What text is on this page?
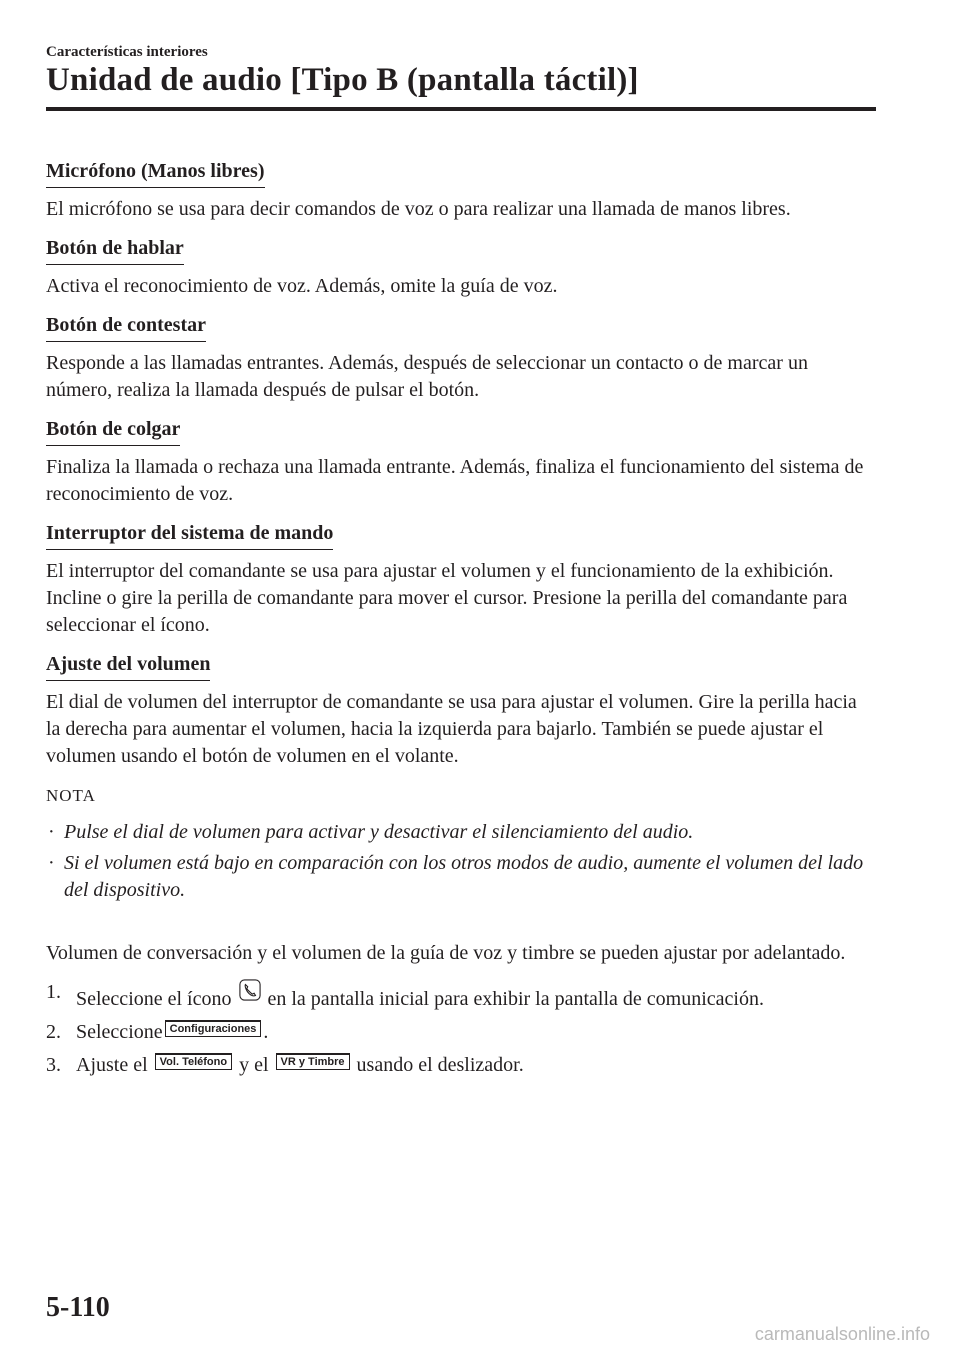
Características interiores
Unidad de audio [Tipo B (pantalla táctil)]
Micrófono (Manos libres)

El micrófono se usa para decir comandos de voz o para realizar una llamada de manos libres.

Botón de hablar

Activa el reconocimiento de voz. Además, omite la guía de voz.

Botón de contestar

Responde a las llamadas entrantes. Además, después de seleccionar un contacto o de marcar un número, realiza la llamada después de pulsar el botón.

Botón de colgar

Finaliza la llamada o rechaza una llamada entrante. Además, finaliza el funcionamiento del sistema de reconocimiento de voz.

Interruptor del sistema de mando

El interruptor del comandante se usa para ajustar el volumen y el funcionamiento de la exhibición. Incline o gire la perilla de comandante para mover el cursor. Presione la perilla del comandante para seleccionar el ícono.

Ajuste del volumen

El dial de volumen del interruptor de comandante se usa para ajustar el volumen. Gire la perilla hacia la derecha para aumentar el volumen, hacia la izquierda para bajarlo. También se puede ajustar el volumen usando el botón de volumen en el volante.

NOTA
· Pulse el dial de volumen para activar y desactivar el silenciamiento del audio.
· Si el volumen está bajo en comparación con los otros modos de audio, aumente el volumen del lado del dispositivo.

Volumen de conversación y el volumen de la guía de voz y timbre se pueden ajustar por adelantado.

1. Seleccione el ícono en la pantalla inicial para exhibir la pantalla de comunicación.
2. Seleccione Configuraciones .
3. Ajuste el Vol. Teléfono y el VR y Timbre usando el deslizador.
5-110
carmanualsonline.info
